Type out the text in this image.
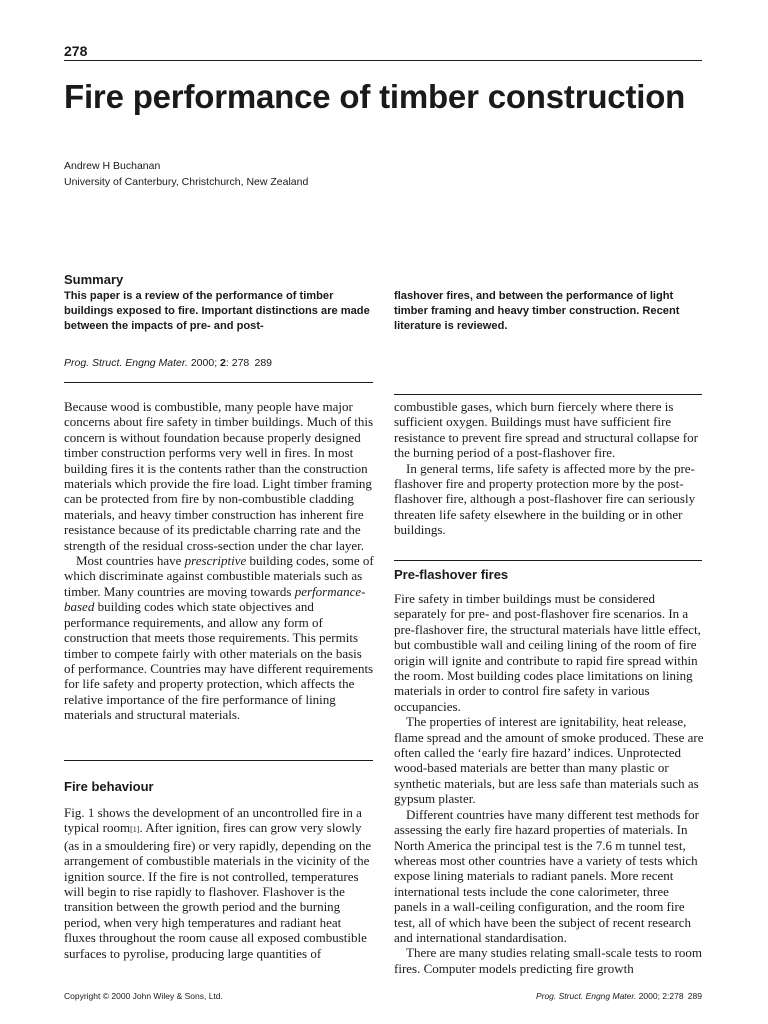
278
Fire performance of timber construction
Andrew H Buchanan
University of Canterbury, Christchurch, New Zealand
Summary

This paper is a review of the performance of timber buildings exposed to fire. Important distinctions are made between the impacts of pre- and post-

flashover fires, and between the performance of light timber framing and heavy timber construction. Recent literature is reviewed.

Prog. Struct. Engng Mater. 2000; 2: 278 289

Because wood is combustible, many people have major concerns about fire safety in timber buildings. Much of this concern is without foundation because properly designed timber construction performs very well in fires. In most building fires it is the contents rather than the construction materials which provide the fire load. Light timber framing can be protected from fire by non-combustible cladding materials, and heavy timber construction has inherent fire resistance because of its predictable charring rate and the strength of the residual cross-section under the char layer.

Most countries have prescriptive building codes, some of which discriminate against combustible materials such as timber. Many countries are moving towards performance-based building codes which state objectives and performance requirements, and allow any form of construction that meets those requirements. This permits timber to compete fairly with other materials on the basis of performance. Countries may have different requirements for life safety and property protection, which affects the relative importance of the fire performance of lining materials and structural materials.

Fire behaviour

Fig. 1 shows the development of an uncontrolled fire in a typical room[1]. After ignition, fires can grow very slowly (as in a smouldering fire) or very rapidly, depending on the arrangement of combustible materials in the vicinity of the ignition source. If the fire is not controlled, temperatures will begin to rise rapidly to flashover. Flashover is the transition between the growth period and the burning period, when very high temperatures and radiant heat fluxes throughout the room cause all exposed combustible surfaces to pyrolise, producing large quantities of

combustible gases, which burn fiercely where there is sufficient oxygen. Buildings must have sufficient fire resistance to prevent fire spread and structural collapse for the burning period of a post-flashover fire.

In general terms, life safety is affected more by the pre-flashover fire and property protection more by the post-flashover fire, although a post-flashover fire can seriously threaten life safety elsewhere in the building or in other buildings.

Pre-flashover fires

Fire safety in timber buildings must be considered separately for pre- and post-flashover fire scenarios. In a pre-flashover fire, the structural materials have little effect, but combustible wall and ceiling lining of the room of fire origin will ignite and contribute to rapid fire spread within the room. Most building codes place limitations on lining materials in order to control fire safety in various occupancies.

The properties of interest are ignitability, heat release, flame spread and the amount of smoke produced. These are often called the ‘early fire hazard’ indices. Unprotected wood-based materials are better than many plastic or synthetic materials, but are less safe than materials such as gypsum plaster.

Different countries have many different test methods for assessing the early fire hazard properties of materials. In North America the principal test is the 7.6 m tunnel test, whereas most other countries have a variety of tests which expose lining materials to radiant panels. More recent international tests include the cone calorimeter, three panels in a wall-ceiling configuration, and the room fire test, all of which have been the subject of recent research and international standardisation.

There are many studies relating small-scale tests to room fires. Computer models predicting fire growth

Copyright © 2000 John Wiley & Sons, Ltd.	Prog. Struct. Engng Mater. 2000; 2:278 289
